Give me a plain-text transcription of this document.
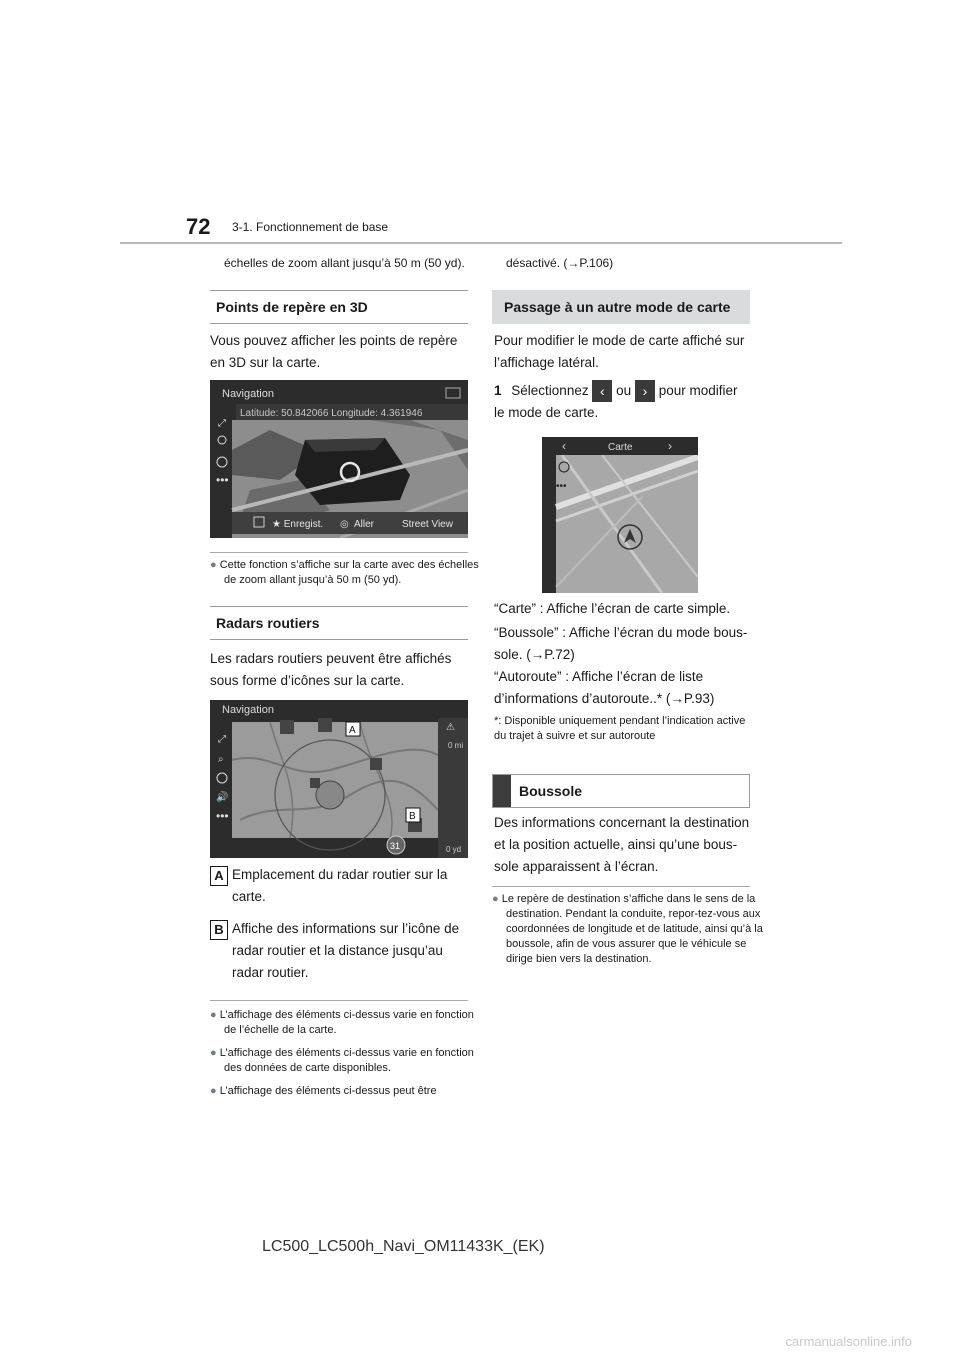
72 3-1. Fonctionnement de base
échelles de zoom allant jusqu’à 50 m (50 yd).
Points de repère en 3D
Vous pouvez afficher les points de repère en 3D sur la carte.
Navigation
Latitude: 50.842066 Longitude: 4.361946
⤢
•••
★ Enregist. ◎ Aller	Street View
● Cette fonction s’affiche sur la carte avec des échelles de zoom allant jusqu’à 50 m (50 yd).
Radars routiers
Les radars routiers peuvent être affichés sous forme d’icônes sur la carte.
Navigation
⚠
0 mi
0 yd
A
B
31
⤢
⌕
🔊
•••
A Emplacement du radar routier sur la carte.
B Affiche des informations sur l’icône de radar routier et la distance jusqu’au radar routier.
● L’affichage des éléments ci-dessus varie en fonction de l’échelle de la carte.
● L’affichage des éléments ci-dessus varie en fonction des données de carte disponibles.
● L’affichage des éléments ci-dessus peut être
désactivé. (→P.106)
Passage à un autre mode de carte
Pour modifier le mode de carte affiché sur l’affichage latéral.
1 Sélectionnez ‹ ou › pour modifier le mode de carte.
‹	Carte	›
•••
“Carte” : Affiche l’écran de carte simple.
“Boussole” : Affiche l’écran du mode bous-sole. (→P.72)
“Autoroute” : Affiche l’écran de liste d’informations d’autoroute..* (→P.93)
*: Disponible uniquement pendant l’indication active du trajet à suivre et sur autoroute
Boussole
Des informations concernant la destination et la position actuelle, ainsi qu’une bous-sole apparaissent à l’écran.
● Le repère de destination s’affiche dans le sens de la destination. Pendant la conduite, repor-tez-vous aux coordonnées de longitude et de latitude, ainsi qu’à la boussole, afin de vous assurer que le véhicule se dirige bien vers la destination.
LC500_LC500h_Navi_OM11433K_(EK)
carmanualsonline.info
